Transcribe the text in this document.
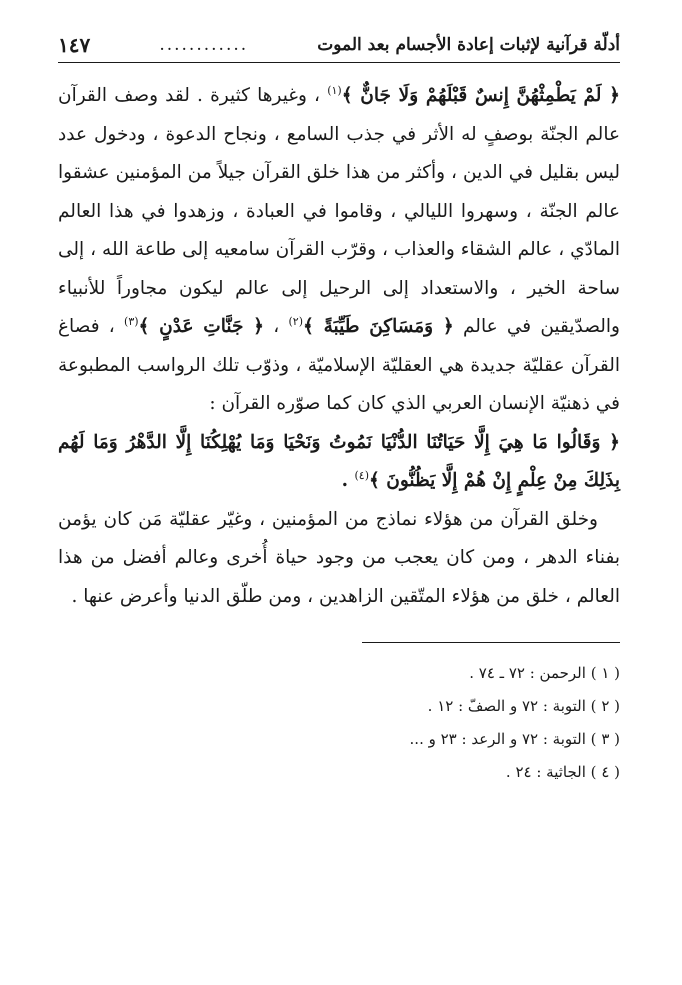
أدلّة قرآنية لإثبات إعادة الأجسام بعد الموت
............
١٤٧

﴿ لَمْ يَطْمِثْهُنَّ إِنسٌ قَبْلَهُمْ وَلَا جَانٌّ ﴾$^{(١)}$ ، وغيرها كثيرة . لقد وصف القرآن عالم الجنّة بوصفٍ له الأثر في جذب السامع ، ونجاح الدعوة ، ودخول عدد ليس بقليل في الدين ، وأكثر من هذا خلق القرآن جيلاً من المؤمنين عشقوا عالم الجنّة ، وسهروا الليالي ، وقاموا في العبادة ، وزهدوا في هذا العالم المادّي ، عالم الشقاء والعذاب ، وقرّب القرآن سامعيه إلى طاعة الله ، إلى ساحة الخير ، والاستعداد إلى الرحيل إلى عالم ليكون مجاوراً للأنبياء والصدّيقين في عالم ﴿ وَمَسَاكِنَ طَيِّبَةً ﴾$^{(٢)}$ ، ﴿ جَنَّاتِ عَدْنٍ ﴾$^{(٣)}$ ، فصاغ القرآن عقليّة جديدة هي العقليّة الإسلاميّة ، وذوّب تلك الرواسب المطبوعة في ذهنيّة الإنسان العربي الذي كان كما صوّره القرآن :

﴿ وَقَالُوا مَا هِيَ إِلَّا حَيَاتُنَا الدُّنْيَا نَمُوتُ وَنَحْيَا وَمَا يُهْلِكُنَا إِلَّا الدَّهْرُ وَمَا لَهُم بِذَلِكَ مِنْ عِلْمٍ إِنْ هُمْ إِلَّا يَظُنُّونَ ﴾$^{(٤)}$ .

وخلق القرآن من هؤلاء نماذج من المؤمنين ، وغيّر عقليّة مَن كان يؤمن بفناء الدهر ، ومن كان يعجب من وجود حياة أُخرى وعالم أفضل من هذا العالم ، خلق من هؤلاء المتّقين الزاهدين ، ومن طلّق الدنيا وأعرض عنها .

( ١ ) الرحمن : ٧٢ ـ ٧٤ .

( ٢ ) التوبة : ٧٢ و الصفّ : ١٢ .

( ٣ ) التوبة : ٧٢ و الرعد : ٢٣ و ...

( ٤ ) الجاثية : ٢٤ .
